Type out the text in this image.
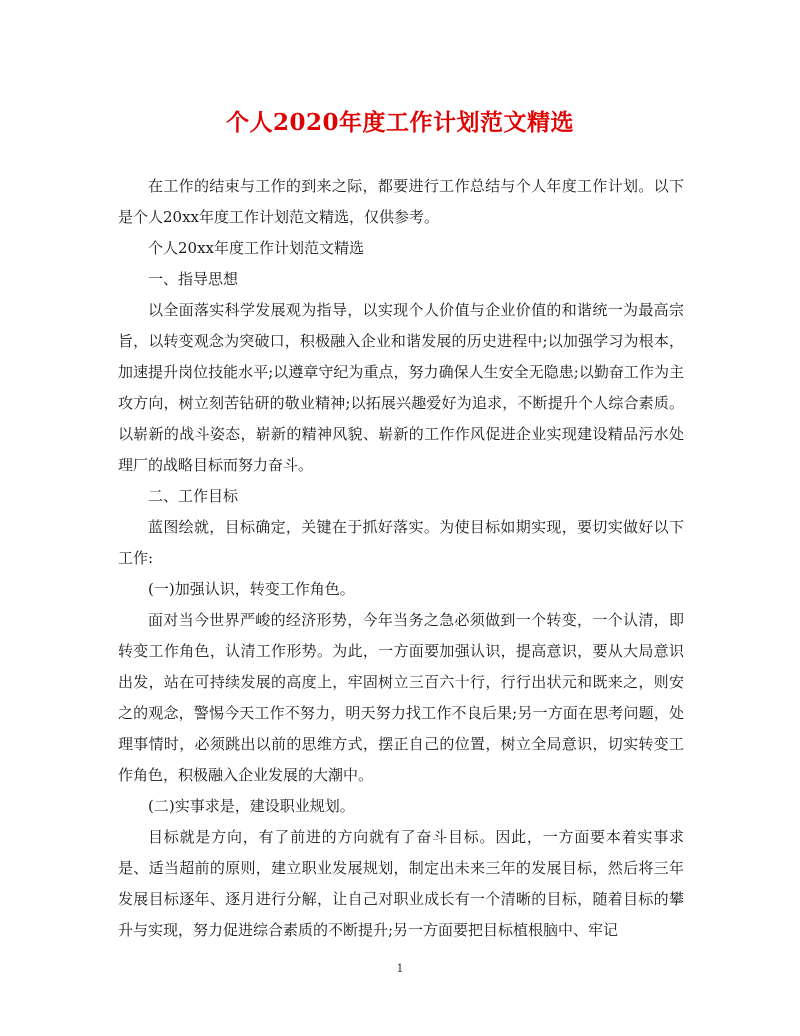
个人2020年度工作计划范文精选

在工作的结束与工作的到来之际，都要进行工作总结与个人年度工作计划。以下是个人20xx年度工作计划范文精选，仅供参考。

个人20xx年度工作计划范文精选

一、指导思想

以全面落实科学发展观为指导，以实现个人价值与企业价值的和谐统一为最高宗旨，以转变观念为突破口，积极融入企业和谐发展的历史进程中;以加强学习为根本，加速提升岗位技能水平;以遵章守纪为重点，努力确保人生安全无隐患;以勤奋工作为主攻方向，树立刻苦钻研的敬业精神;以拓展兴趣爱好为追求，不断提升个人综合素质。以崭新的战斗姿态，崭新的精神风貌、崭新的工作作风促进企业实现建设精品污水处理厂的战略目标而努力奋斗。

二、工作目标

蓝图绘就，目标确定，关键在于抓好落实。为使目标如期实现，要切实做好以下工作:

(一)加强认识，转变工作角色。

面对当今世界严峻的经济形势，今年当务之急必须做到一个转变，一个认清，即转变工作角色，认清工作形势。为此，一方面要加强认识，提高意识，要从大局意识出发，站在可持续发展的高度上，牢固树立三百六十行，行行出状元和既来之，则安之的观念，警惕今天工作不努力，明天努力找工作不良后果;另一方面在思考问题，处理事情时，必须跳出以前的思维方式，摆正自己的位置，树立全局意识，切实转变工作角色，积极融入企业发展的大潮中。

(二)实事求是，建设职业规划。

目标就是方向，有了前进的方向就有了奋斗目标。因此，一方面要本着实事求是、适当超前的原则，建立职业发展规划，制定出未来三年的发展目标，然后将三年发展目标逐年、逐月进行分解，让自己对职业成长有一个清晰的目标，随着目标的攀升与实现，努力促进综合素质的不断提升;另一方面要把目标植根脑中、牢记

1
